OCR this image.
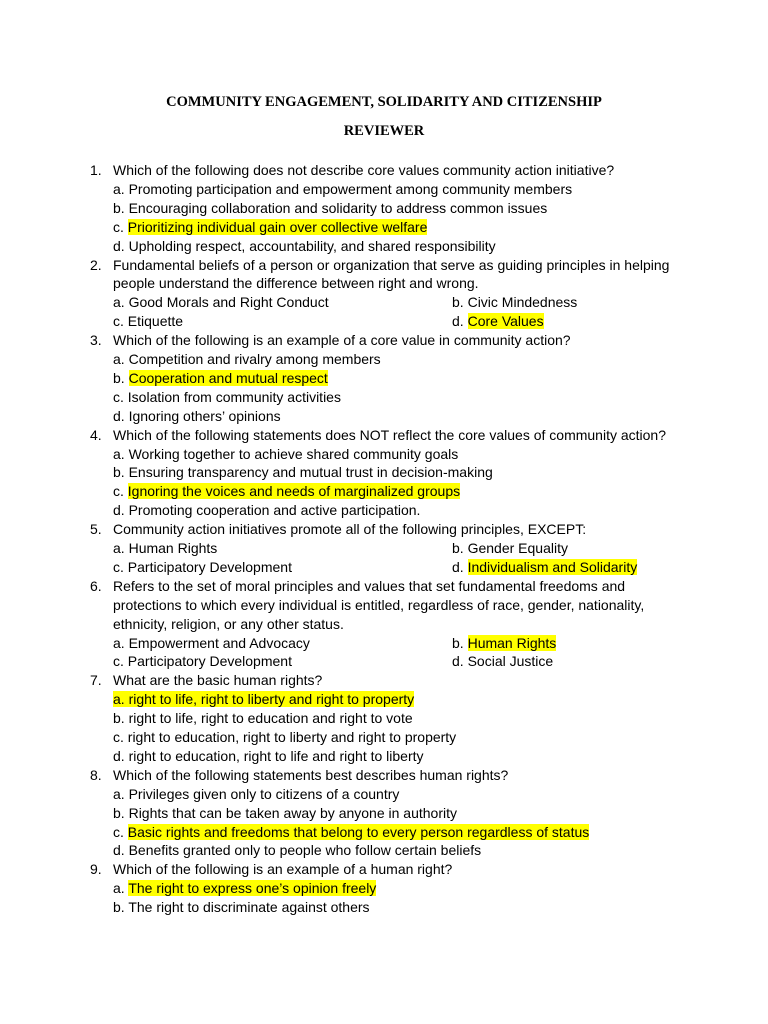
COMMUNITY ENGAGEMENT, SOLIDARITY AND CITIZENSHIP
REVIEWER
1. Which of the following does not describe core values community action initiative?
a. Promoting participation and empowerment among community members
b. Encouraging collaboration and solidarity to address common issues
c. Prioritizing individual gain over collective welfare
d. Upholding respect, accountability, and shared responsibility
2. Fundamental beliefs of a person or organization that serve as guiding principles in helping
people understand the difference between right and wrong.
a. Good Morals and Right Conduct	b. Civic Mindedness
c. Etiquette	d. Core Values
3. Which of the following is an example of a core value in community action?
a. Competition and rivalry among members
b. Cooperation and mutual respect
c. Isolation from community activities
d. Ignoring others’ opinions
4. Which of the following statements does NOT reflect the core values of community action?
a. Working together to achieve shared community goals
b. Ensuring transparency and mutual trust in decision-making
c. Ignoring the voices and needs of marginalized groups
d. Promoting cooperation and active participation.
5. Community action initiatives promote all of the following principles, EXCEPT:
a. Human Rights	b. Gender Equality
c. Participatory Development	d. Individualism and Solidarity
6. Refers to the set of moral principles and values that set fundamental freedoms and
protections to which every individual is entitled, regardless of race, gender, nationality,
ethnicity, religion, or any other status.
a. Empowerment and Advocacy	b. Human Rights
c. Participatory Development	d. Social Justice
7. What are the basic human rights?
a. right to life, right to liberty and right to property
b. right to life, right to education and right to vote
c. right to education, right to liberty and right to property
d. right to education, right to life and right to liberty
8. Which of the following statements best describes human rights?
a. Privileges given only to citizens of a country
b. Rights that can be taken away by anyone in authority
c. Basic rights and freedoms that belong to every person regardless of status
d. Benefits granted only to people who follow certain beliefs
9. Which of the following is an example of a human right?
a. The right to express one’s opinion freely
b. The right to discriminate against others
